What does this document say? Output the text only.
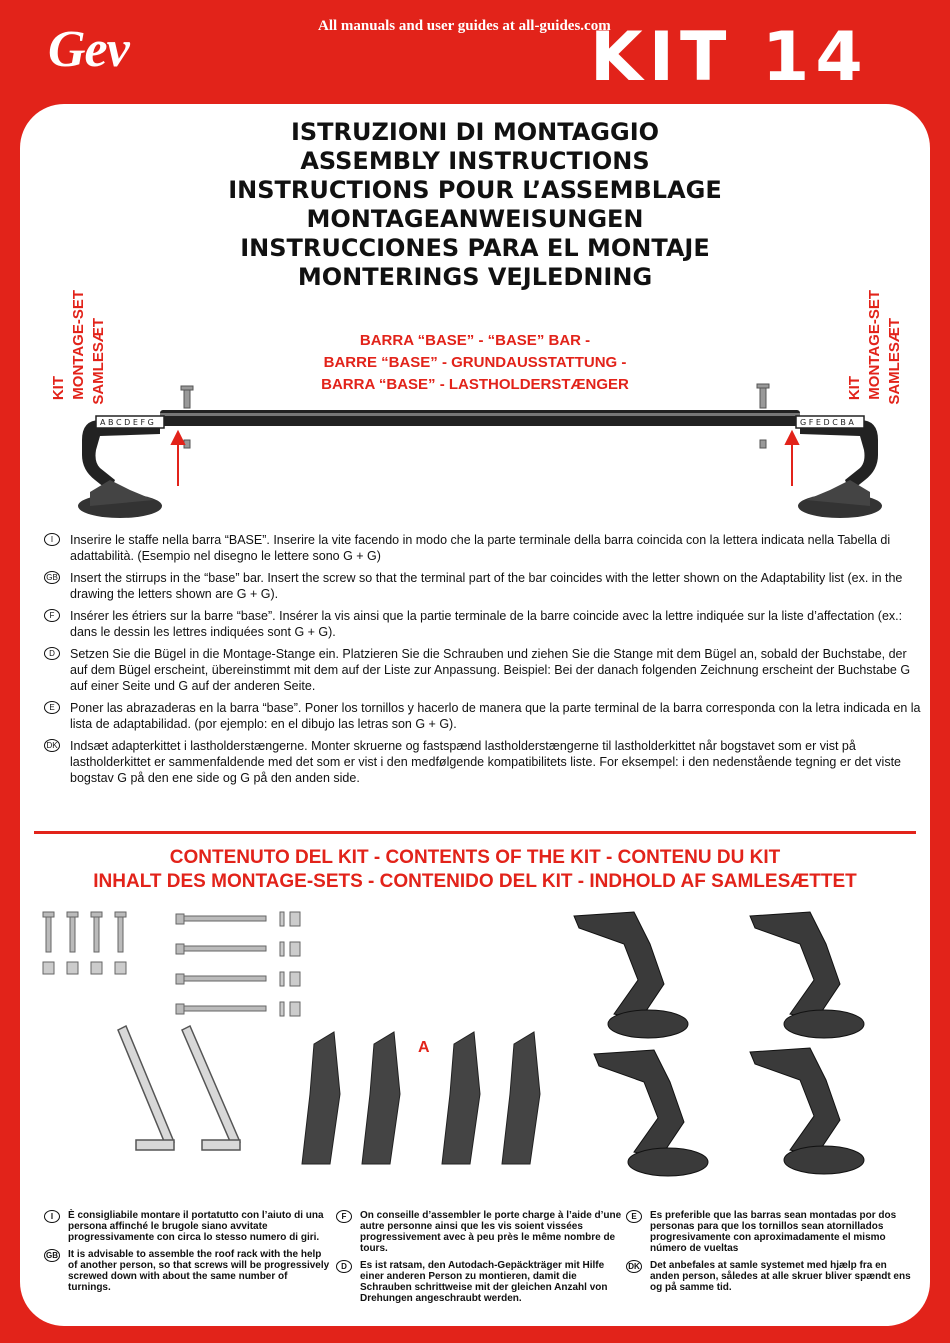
All manuals and user guides at all-guides.com
Gev	KIT 14
ISTRUZIONI DI MONTAGGIO
ASSEMBLY INSTRUCTIONS
INSTRUCTIONS POUR L’ASSEMBLAGE
MONTAGEANWEISUNGEN
INSTRUCCIONES PARA EL MONTAJE
MONTERINGS VEJLEDNING
KIT MONTAGE-SET SAMLESÆT	KIT MONTAGE-SET SAMLESÆT
BARRA “BASE” - “BASE” BAR -
BARRE “BASE” - GRUNDAUSSTATTUNG -
BARRA “BASE” - LASTHOLDERSTÆNGER
A B C D E F G	G F E D C B A
I	Inserire le staffe nella barra “BASE”. Inserire la vite facendo in modo che la parte terminale della barra coincida con la lettera indicata nella Tabella di adattabilità. (Esempio nel disegno le lettere sono G + G)
GB Insert the stirrups in the “base” bar. Insert the screw so that the terminal part of the bar coincides with the letter shown on the Adaptability list (ex. in the drawing the letters shown are G + G).
F	Insérer les étriers sur la barre “base”. Insérer la vis ainsi que la partie terminale de la barre coincide avec la lettre indiquée sur la liste d’affectation (ex.: dans le dessin les lettres indiquées sont G + G).
D	Setzen Sie die Bügel in die Montage-Stange ein. Platzieren Sie die Schrauben und ziehen Sie die Stange mit dem Bügel an, sobald der Buchstabe, der auf dem Bügel erscheint, übereinstimmt mit dem auf der Liste zur Anpassung. Beispiel: Bei der danach folgenden Zeichnung erscheint der Buchstabe G auf einer Seite und G auf der anderen Seite.
E	Poner las abrazaderas en la barra “base”. Poner los tornillos y hacerlo de manera que la parte terminal de la barra corresponda con la letra indicada en la lista de adaptabilidad. (por ejemplo: en el dibujo las letras son G + G).
DK Indsæt adapterkittet i lastholderstængerne. Monter skruerne og fastspænd lastholderstængerne til lastholderkittet når bogstavet som er vist på lastholderkittet er sammenfaldende med det som er vist i den medfølgende kompatibilitets liste. For eksempel: i den nedenstående tegning er det viste bogstav G på den ene side og G på den anden side.
CONTENUTO DEL KIT - CONTENTS OF THE KIT - CONTENU DU KIT
INHALT DES MONTAGE-SETS - CONTENIDO DEL KIT - INDHOLD AF SAMLESÆTTET
A
I	È consigliabile montare il portatutto con l’aiuto di una persona affinché le brugole siano avvitate progressivamente con circa lo stesso numero di giri.
GB It is advisable to assemble the roof rack with the help of another person, so that screws will be progressively screwed down with about the same number of turnings.
F	On conseille d’assembler le porte charge à l’aide d’une autre personne ainsi que les vis soient vissées progressivement avec à peu près le même nombre de tours.
D	Es ist ratsam, den Autodach-Gepäckträger mit Hilfe einer anderen Person zu montieren, damit die Schrauben schrittweise mit der gleichen Anzahl von Drehungen angeschraubt werden.
E	Es preferible que las barras sean montadas por dos personas para que los tornillos sean atornillados progresivamente con aproximadamente el mismo número de vueltas
DK Det anbefales at samle systemet med hjælp fra en anden person, således at alle skruer bliver spændt ens og på samme tid.
